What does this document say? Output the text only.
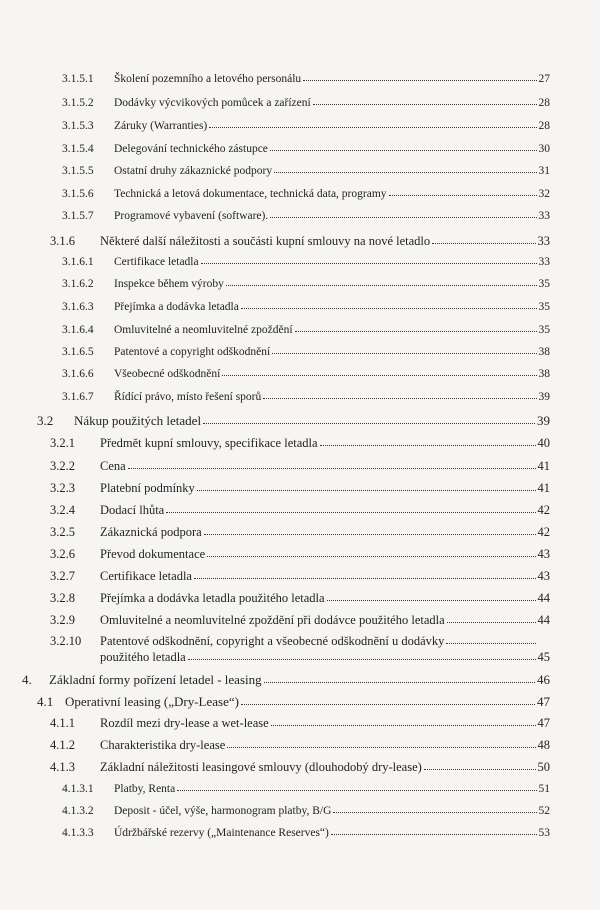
3.1.5.1	Školení pozemního a letového personálu	27
3.1.5.2	Dodávky výcvikových pomůcek a zařízení	28
3.1.5.3	Záruky (Warranties)	28
3.1.5.4	Delegování technického zástupce	30
3.1.5.5	Ostatní druhy zákaznické podpory	31
3.1.5.6	Technická a letová dokumentace, technická data, programy	32
3.1.5.7	Programové vybavení (software).	33
3.1.6	Některé další náležitosti a součásti kupní smlouvy na nové letadlo	33
3.1.6.1	Certifikace letadla	33
3.1.6.2	Inspekce během výroby	35
3.1.6.3	Přejímka a dodávka letadla	35
3.1.6.4	Omluvitelné a neomluvitelné zpoždění	35
3.1.6.5	Patentové a copyright odškodnění	38
3.1.6.6	Všeobecné odškodnění	38
3.1.6.7	Řídící právo, místo řešení sporů	39
3.2	Nákup použitých letadel	39
3.2.1	Předmět kupní smlouvy, specifikace letadla	40
3.2.2	Cena	41
3.2.3	Platební podmínky	41
3.2.4	Dodací lhůta	42
3.2.5	Zákaznická podpora	42
3.2.6	Převod dokumentace	43
3.2.7	Certifikace letadla	43
3.2.8	Přejímka a dodávka letadla použitého letadla	44
3.2.9	Omluvitelné a neomluvitelné zpoždění při dodávce použitého letadla	44
3.2.10	Patentové odškodnění, copyright a všeobecné odškodnění u dodávky
použitého letadla	45
4.	Základní formy pořízení letadel - leasing	46
4.1 Operativní leasing („Dry-Lease“)	47
4.1.1	Rozdíl mezi dry-lease a wet-lease	47
4.1.2	Charakteristika dry-lease	48
4.1.3	Základní náležitosti leasingové smlouvy (dlouhodobý dry-lease)	50
4.1.3.1	Platby, Renta	51
4.1.3.2	Deposit - účel, výše, harmonogram platby, B/G	52
4.1.3.3	Údržbářské rezervy („Maintenance Reserves“)	53
